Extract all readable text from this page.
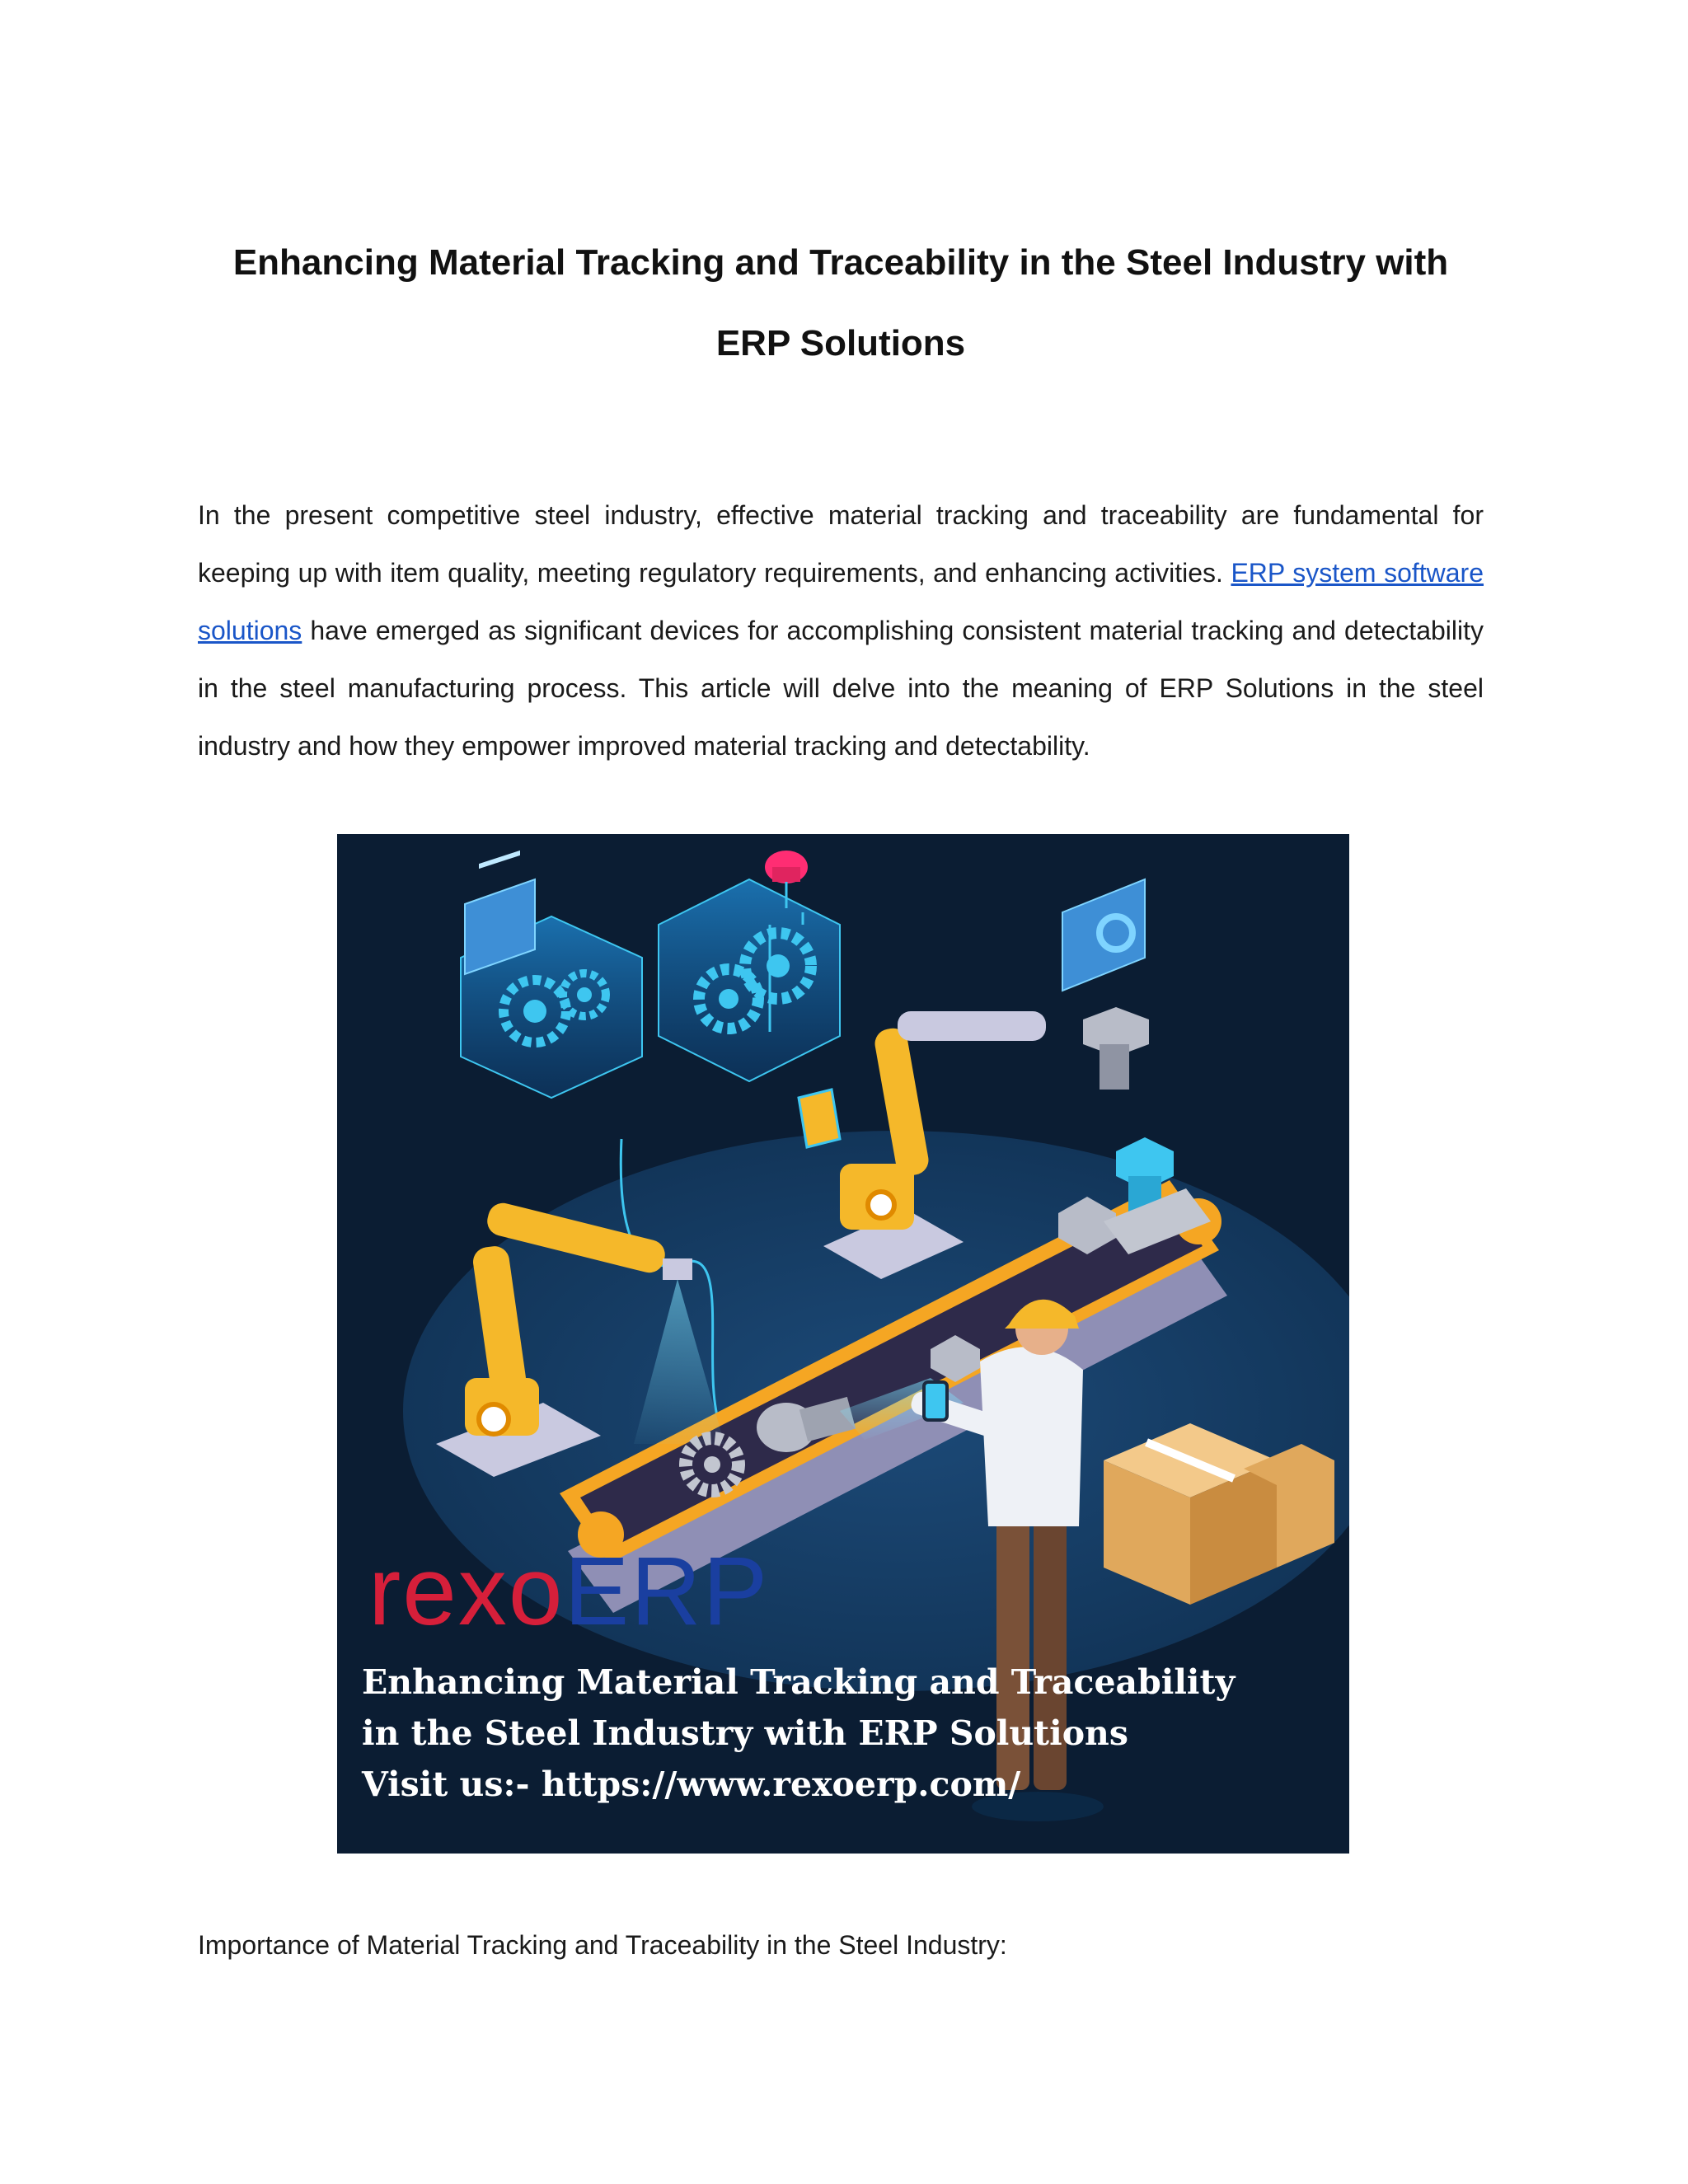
Enhancing Material Tracking and Traceability in the Steel Industry with
ERP Solutions

In the present competitive steel industry, effective material tracking and traceability are fundamental for keeping up with item quality, meeting regulatory requirements, and enhancing activities. ERP system software solutions have emerged as significant devices for accomplishing consistent material tracking and detectability in the steel manufacturing process. This article will delve into the meaning of ERP Solutions in the steel industry and how they empower improved material tracking and detectability.

rexoERP
Enhancing Material Tracking and Traceability
in the Steel Industry with ERP Solutions
Visit us:- https://www.rexoerp.com/

Importance of Material Tracking and Traceability in the Steel Industry:
